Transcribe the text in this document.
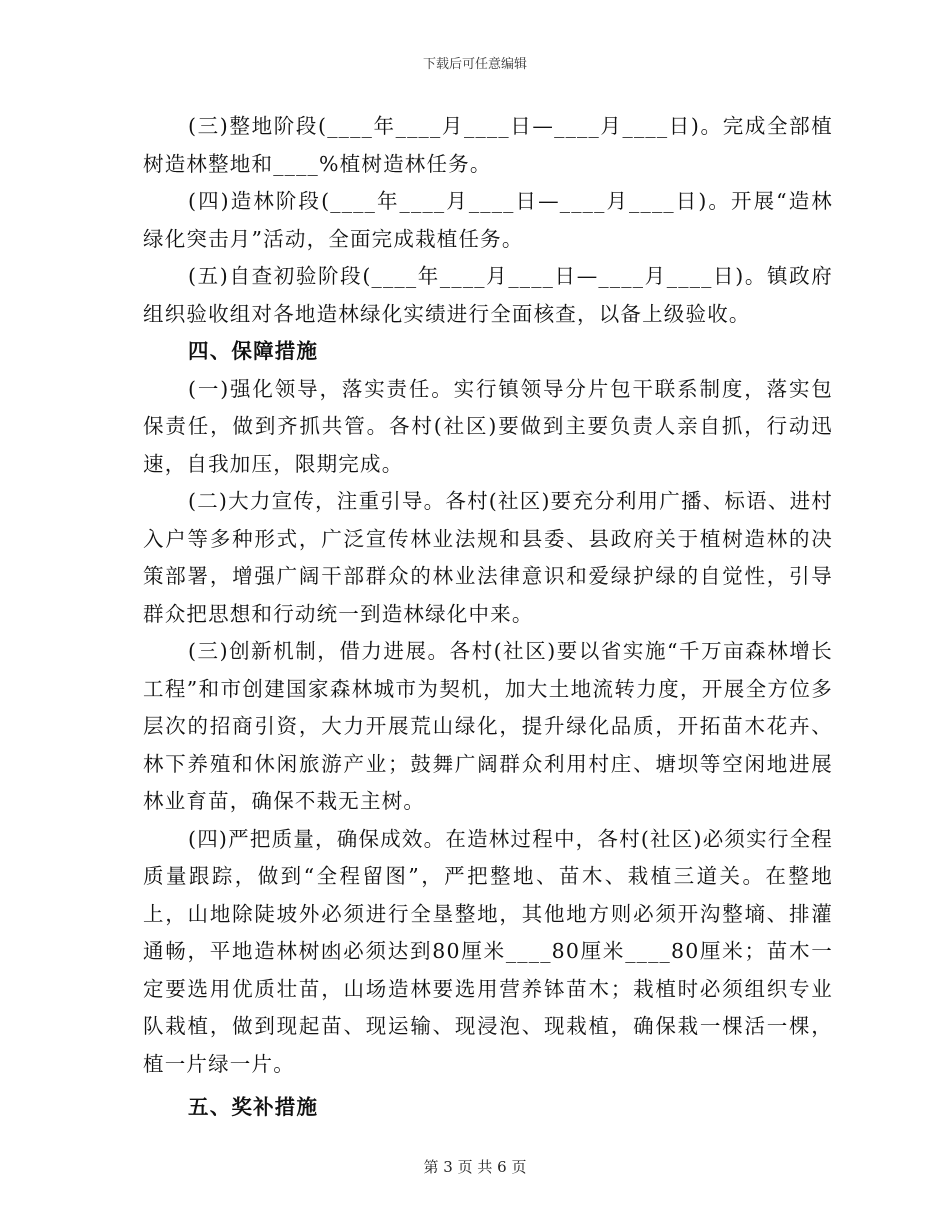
下载后可任意编辑

(三)整地阶段(____年____月____日—____月____日)。完成全部植树造林整地和____%植树造林任务。

(四)造林阶段(____年____月____日—____月____日)。开展“造林绿化突击月”活动，全面完成栽植任务。

(五)自查初验阶段(____年____月____日—____月____日)。镇政府组织验收组对各地造林绿化实绩进行全面核查，以备上级验收。

四、保障措施

(一)强化领导，落实责任。实行镇领导分片包干联系制度，落实包保责任，做到齐抓共管。各村(社区)要做到主要负责人亲自抓，行动迅速，自我加压，限期完成。

(二)大力宣传，注重引导。各村(社区)要充分利用广播、标语、进村入户等多种形式，广泛宣传林业法规和县委、县政府关于植树造林的决策部署，增强广阔干部群众的林业法律意识和爱绿护绿的自觉性，引导群众把思想和行动统一到造林绿化中来。

(三)创新机制，借力进展。各村(社区)要以省实施“千万亩森林增长工程”和市创建国家森林城市为契机，加大土地流转力度，开展全方位多层次的招商引资，大力开展荒山绿化，提升绿化品质，开拓苗木花卉、林下养殖和休闲旅游产业；鼓舞广阔群众利用村庄、塘坝等空闲地进展林业育苗，确保不栽无主树。

(四)严把质量，确保成效。在造林过程中，各村(社区)必须实行全程质量跟踪，做到“全程留图”，严把整地、苗木、栽植三道关。在整地上，山地除陡坡外必须进行全垦整地，其他地方则必须开沟整墒、排灌通畅，平地造林树凼必须达到80厘米____80厘米____80厘米；苗木一定要选用优质壮苗，山场造林要选用营养钵苗木；栽植时必须组织专业队栽植，做到现起苗、现运输、现浸泡、现栽植，确保栽一棵活一棵，植一片绿一片。

五、奖补措施

第 3 页 共 6 页
